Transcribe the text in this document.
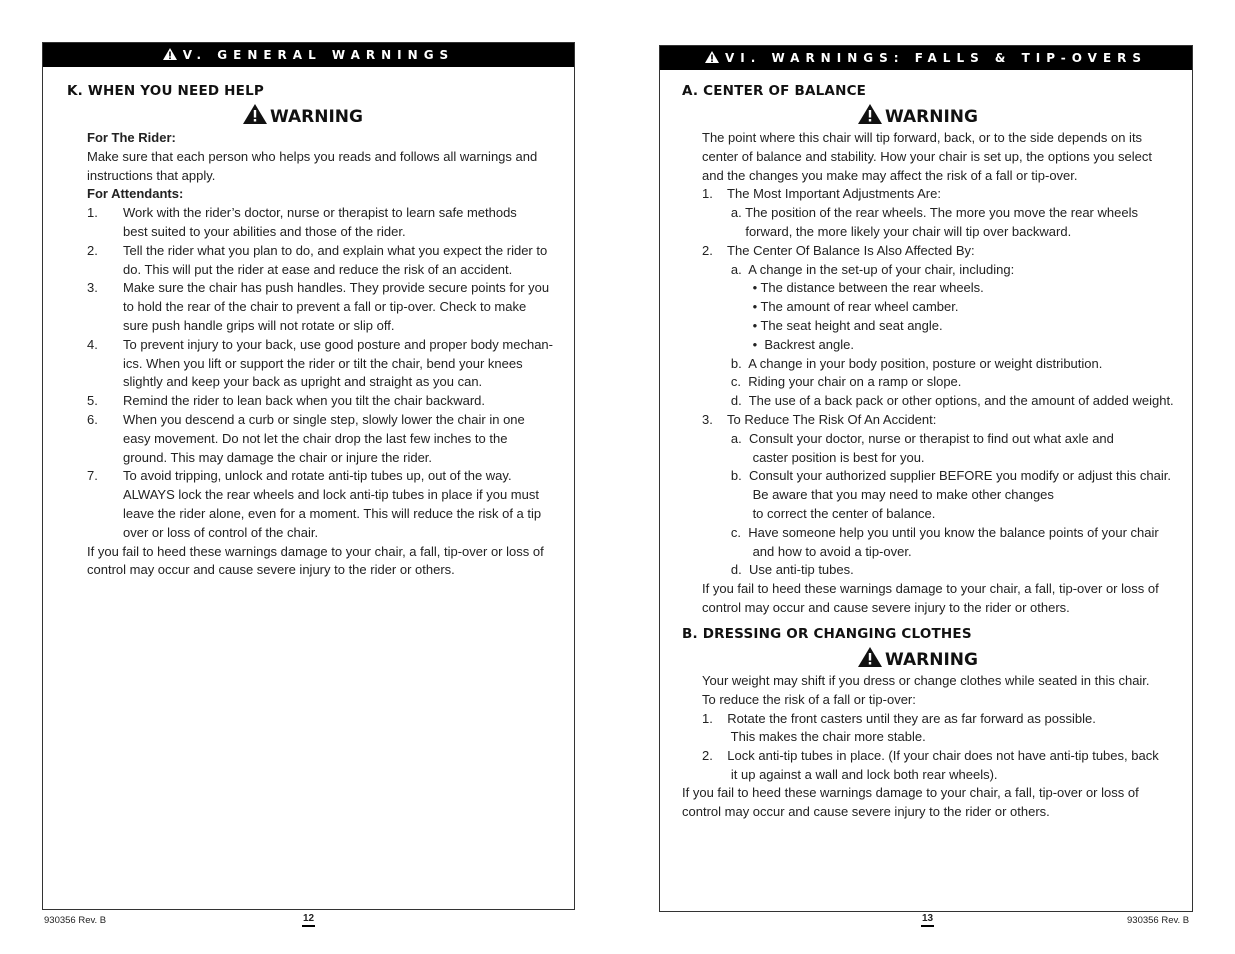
V. GENERAL WARNINGS
K. WHEN YOU NEED HELP
WARNING
For The Rider:
Make sure that each person who helps you reads and follows all warnings and
instructions that apply.
For Attendants:
1. Work with the rider’s doctor, nurse or therapist to learn safe methods
best suited to your abilities and those of the rider.
2. Tell the rider what you plan to do, and explain what you expect the rider to
do. This will put the rider at ease and reduce the risk of an accident.
3. Make sure the chair has push handles. They provide secure points for you
to hold the rear of the chair to prevent a fall or tip-over. Check to make
sure push handle grips will not rotate or slip off.
4. To prevent injury to your back, use good posture and proper body mechan-
ics. When you lift or support the rider or tilt the chair, bend your knees
slightly and keep your back as upright and straight as you can.
5. Remind the rider to lean back when you tilt the chair backward.
6. When you descend a curb or single step, slowly lower the chair in one
easy movement. Do not let the chair drop the last few inches to the
ground. This may damage the chair or injure the rider.
7. To avoid tripping, unlock and rotate anti-tip tubes up, out of the way.
ALWAYS lock the rear wheels and lock anti-tip tubes in place if you must
leave the rider alone, even for a moment. This will reduce the risk of a tip
over or loss of control of the chair.
If you fail to heed these warnings damage to your chair, a fall, tip-over or loss of
control may occur and cause severe injury to the rider or others.
930356 Rev. B	12
VI. WARNINGS: FALLS & TIP-OVERS
A. CENTER OF BALANCE
WARNING
The point where this chair will tip forward, back, or to the side depends on its
center of balance and stability. How your chair is set up, the options you select
and the changes you make may affect the risk of a fall or tip-over.
1.    The Most Important Adjustments Are:
a. The position of the rear wheels. The more you move the rear wheels
forward, the more likely your chair will tip over backward.
2.    The Center Of Balance Is Also Affected By:
a.  A change in the set-up of your chair, including:
• The distance between the rear wheels.
• The amount of rear wheel camber.
• The seat height and seat angle.
•  Backrest angle.
b.  A change in your body position, posture or weight distribution.
c.  Riding your chair on a ramp or slope.
d.  The use of a back pack or other options, and the amount of added weight.
3.    To Reduce The Risk Of An Accident:
a.  Consult your doctor, nurse or therapist to find out what axle and
caster position is best for you.
b.  Consult your authorized supplier BEFORE you modify or adjust this chair.
Be aware that you may need to make other changes
to correct the center of balance.
c.  Have someone help you until you know the balance points of your chair
and how to avoid a tip-over.
d.  Use anti-tip tubes.
If you fail to heed these warnings damage to your chair, a fall, tip-over or loss of
control may occur and cause severe injury to the rider or others.
B. DRESSING OR CHANGING CLOTHES
WARNING
Your weight may shift if you dress or change clothes while seated in this chair.
To reduce the risk of a fall or tip-over:
1.    Rotate the front casters until they are as far forward as possible.
This makes the chair more stable.
2.    Lock anti-tip tubes in place. (If your chair does not have anti-tip tubes, back
it up against a wall and lock both rear wheels).
If you fail to heed these warnings damage to your chair, a fall, tip-over or loss of
control may occur and cause severe injury to the rider or others.
930356 Rev. B
13
